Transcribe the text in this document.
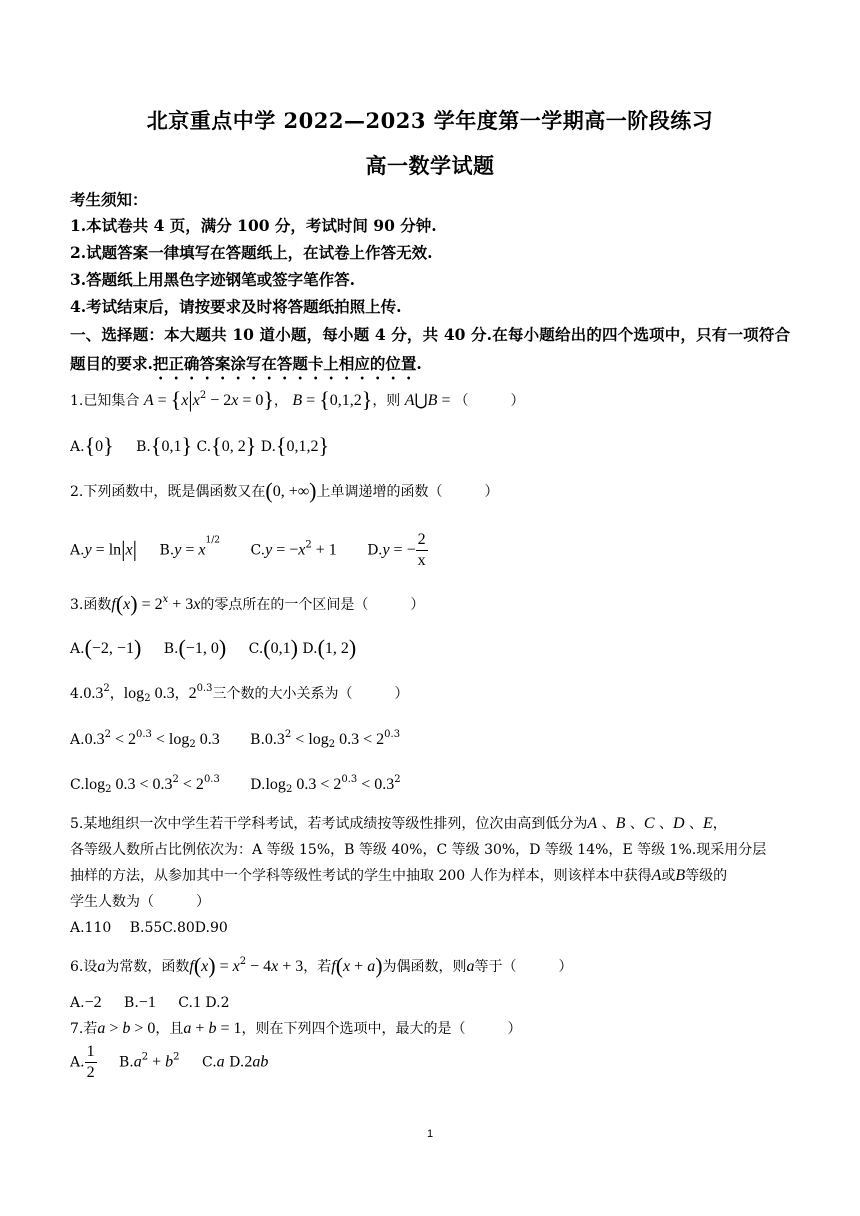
北京重点中学 2022—2023 学年度第一学期高一阶段练习
高一数学试题
考生须知：
1.本试卷共 4 页，满分 100 分，考试时间 90 分钟.
2.试题答案一律填写在答题纸上，在试卷上作答无效.
3.答题纸上用黑色字迹钢笔或签字笔作答.
4.考试结束后，请按要求及时将答题纸拍照上传.
一、选择题：本大题共 10 道小题，每小题 4 分，共 40 分.在每小题给出的四个选项中，只有一项符合题目的要求.把正确答案涂写在答题卡上相应的位置.
1.已知集合 $A = \{x|x^2 - 2x = 0\}$， B = {0,1,2}，则 A⋃B = （　　　）
A.{0} B.{0,1} C.{0, 2} D.{0,1,2}
2.下列函数中，既是偶函数又在(0, +∞)上单调递增的函数（　　　）
A.y = ln|x| $B.y = x^{1/2}$ $C.y = -x^2 + 1$ D.y = − $\frac{2}{x}$
3.函数$f(x) = 2^x + 3x$的零点所在的一个区间是（　　　）
A.(−2, −1) B.(−1, 0) C.(0,1) D.(1, 2)
4.0.3$^2$，$\log_2 0.3$，$2^{0.3}$三个数的大小关系为（　　　）
$A.0.3^2 < 2^{0.3} < \log_2 0.3$ $B.0.3^2 < \log_2 0.3 < 2^{0.3}$
$C.\log_2$ $0.3 < 0.3^2 < 2^{0.3}$ $D.\log_2$ $0.3 < 2^{0.3} < 0.3^2$
5.某地组织一次中学生若干学科考试，若考试成绩按等级性排列，位次由高到低分为A 、B 、C 、D 、E，
各等级人数所占比例依次为：A 等级 15%，B 等级 40%，C 等级 30%，D 等级 14%，E 等级 1%.现采用分层
抽样的方法，从参加其中一个学科等级性考试的学生中抽取 200 人作为样本，则该样本中获得A或B等级的
学生人数为（　　　）
A.110　 B.55C.80D.90
6.设a为常数，函数$f(x) = x^2 - 4x + 3$，若f(x + a)为偶函数，则a等于（　　　）
A.−2 B.−1 C.1 D.2
7.若a > b > 0，且a + b = 1，则在下列四个选项中，最大的是（　　　）
A. $\frac{1}{2} B.a^2 + b^2$ C.a D.2ab
1
